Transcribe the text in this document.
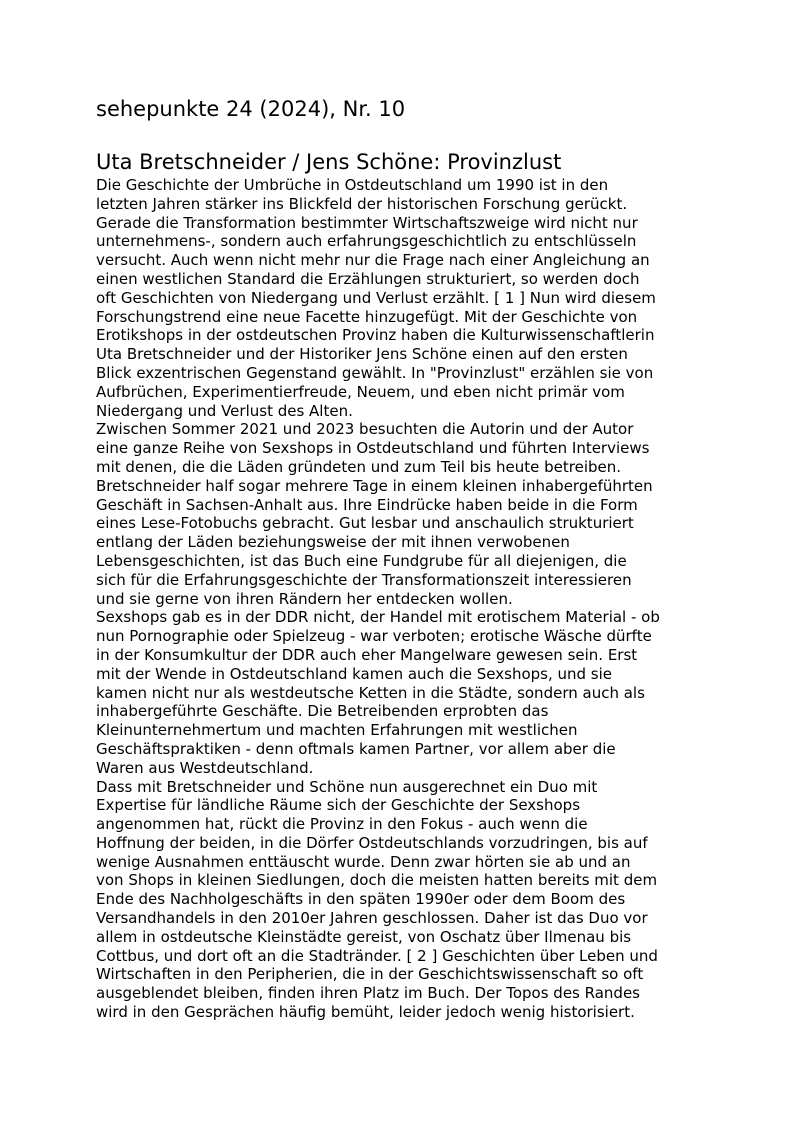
sehepunkte 24 (2024), Nr. 10
Uta Bretschneider / Jens Schöne: Provinzlust

Die Geschichte der Umbrüche in Ostdeutschland um 1990 ist in den
letzten Jahren stärker ins Blickfeld der historischen Forschung gerückt.
Gerade die Transformation bestimmter Wirtschaftszweige wird nicht nur
unternehmens-, sondern auch erfahrungsgeschichtlich zu entschlüsseln
versucht. Auch wenn nicht mehr nur die Frage nach einer Angleichung an
einen westlichen Standard die Erzählungen strukturiert, so werden doch
oft Geschichten von Niedergang und Verlust erzählt. [ 1 ] Nun wird diesem
Forschungstrend eine neue Facette hinzugefügt. Mit der Geschichte von
Erotikshops in der ostdeutschen Provinz haben die Kulturwissenschaftlerin
Uta Bretschneider und der Historiker Jens Schöne einen auf den ersten
Blick exzentrischen Gegenstand gewählt. In "Provinzlust" erzählen sie von
Aufbrüchen, Experimentierfreude, Neuem, und eben nicht primär vom
Niedergang und Verlust des Alten.

Zwischen Sommer 2021 und 2023 besuchten die Autorin und der Autor
eine ganze Reihe von Sexshops in Ostdeutschland und führten Interviews
mit denen, die die Läden gründeten und zum Teil bis heute betreiben.
Bretschneider half sogar mehrere Tage in einem kleinen inhabergeführten
Geschäft in Sachsen-Anhalt aus. Ihre Eindrücke haben beide in die Form
eines Lese-Fotobuchs gebracht. Gut lesbar und anschaulich strukturiert
entlang der Läden beziehungsweise der mit ihnen verwobenen
Lebensgeschichten, ist das Buch eine Fundgrube für all diejenigen, die
sich für die Erfahrungsgeschichte der Transformationszeit interessieren
und sie gerne von ihren Rändern her entdecken wollen.

Sexshops gab es in der DDR nicht, der Handel mit erotischem Material - ob
nun Pornographie oder Spielzeug - war verboten; erotische Wäsche dürfte
in der Konsumkultur der DDR auch eher Mangelware gewesen sein. Erst
mit der Wende in Ostdeutschland kamen auch die Sexshops, und sie
kamen nicht nur als westdeutsche Ketten in die Städte, sondern auch als
inhabergeführte Geschäfte. Die Betreibenden erprobten das
Kleinunternehmertum und machten Erfahrungen mit westlichen
Geschäftspraktiken - denn oftmals kamen Partner, vor allem aber die
Waren aus Westdeutschland.

Dass mit Bretschneider und Schöne nun ausgerechnet ein Duo mit
Expertise für ländliche Räume sich der Geschichte der Sexshops
angenommen hat, rückt die Provinz in den Fokus - auch wenn die
Hoffnung der beiden, in die Dörfer Ostdeutschlands vorzudringen, bis auf
wenige Ausnahmen enttäuscht wurde. Denn zwar hörten sie ab und an
von Shops in kleinen Siedlungen, doch die meisten hatten bereits mit dem
Ende des Nachholgeschäfts in den späten 1990er oder dem Boom des
Versandhandels in den 2010er Jahren geschlossen. Daher ist das Duo vor
allem in ostdeutsche Kleinstädte gereist, von Oschatz über Ilmenau bis
Cottbus, und dort oft an die Stadtränder. [ 2 ] Geschichten über Leben und
Wirtschaften in den Peripherien, die in der Geschichtswissenschaft so oft
ausgeblendet bleiben, finden ihren Platz im Buch. Der Topos des Randes
wird in den Gesprächen häufig bemüht, leider jedoch wenig historisiert.
